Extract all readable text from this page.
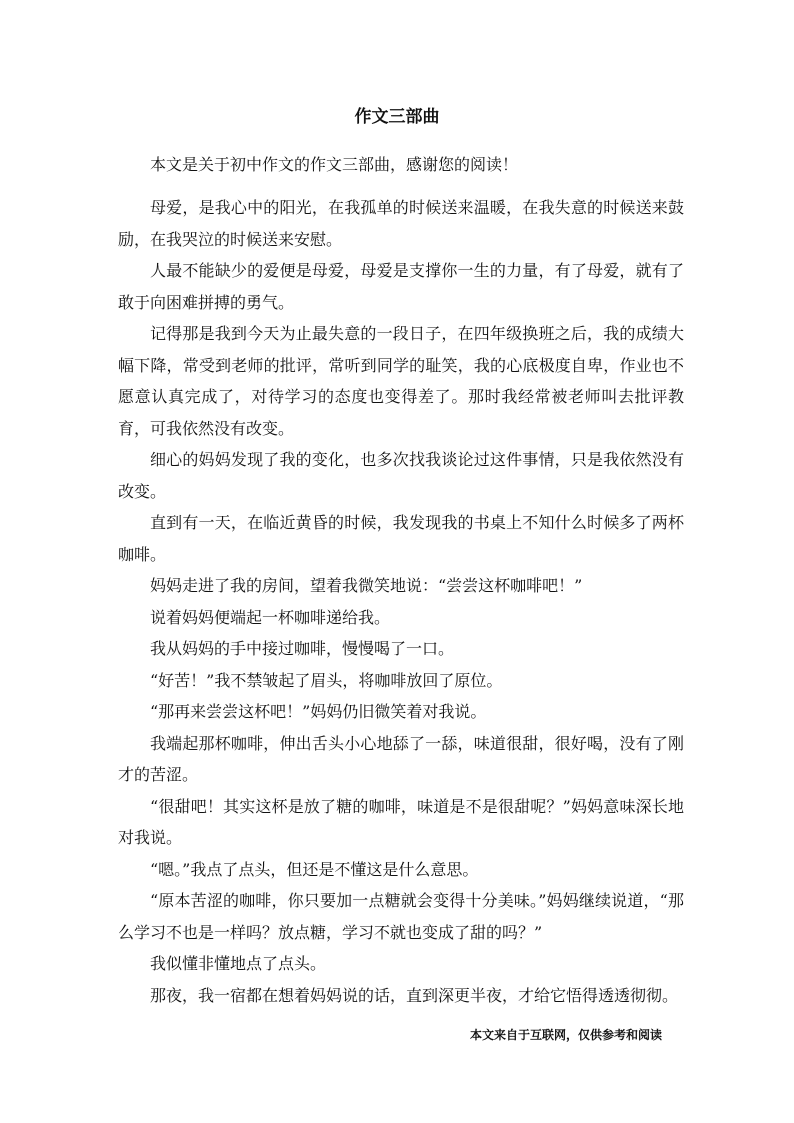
作文三部曲

本文是关于初中作文的作文三部曲，感谢您的阅读！

母爱，是我心中的阳光，在我孤单的时候送来温暖，在我失意的时候送来鼓励，在我哭泣的时候送来安慰。

人最不能缺少的爱便是母爱，母爱是支撑你一生的力量，有了母爱，就有了敢于向困难拼搏的勇气。

记得那是我到今天为止最失意的一段日子，在四年级换班之后，我的成绩大幅下降，常受到老师的批评，常听到同学的耻笑，我的心底极度自卑，作业也不愿意认真完成了，对待学习的态度也变得差了。那时我经常被老师叫去批评教育，可我依然没有改变。

细心的妈妈发现了我的变化，也多次找我谈论过这件事情，只是我依然没有改变。

直到有一天，在临近黄昏的时候，我发现我的书桌上不知什么时候多了两杯咖啡。

妈妈走进了我的房间，望着我微笑地说：“尝尝这杯咖啡吧！”

说着妈妈便端起一杯咖啡递给我。

我从妈妈的手中接过咖啡，慢慢喝了一口。

“好苦！”我不禁皱起了眉头，将咖啡放回了原位。

“那再来尝尝这杯吧！”妈妈仍旧微笑着对我说。

我端起那杯咖啡，伸出舌头小心地舔了一舔，味道很甜，很好喝，没有了刚才的苦涩。

“很甜吧！其实这杯是放了糖的咖啡，味道是不是很甜呢？”妈妈意味深长地对我说。

“嗯。”我点了点头，但还是不懂这是什么意思。

“原本苦涩的咖啡，你只要加一点糖就会变得十分美味。”妈妈继续说道，“那么学习不也是一样吗？放点糖，学习不就也变成了甜的吗？”

我似懂非懂地点了点头。

那夜，我一宿都在想着妈妈说的话，直到深更半夜，才给它悟得透透彻彻。

本文来自于互联网，仅供参考和阅读
